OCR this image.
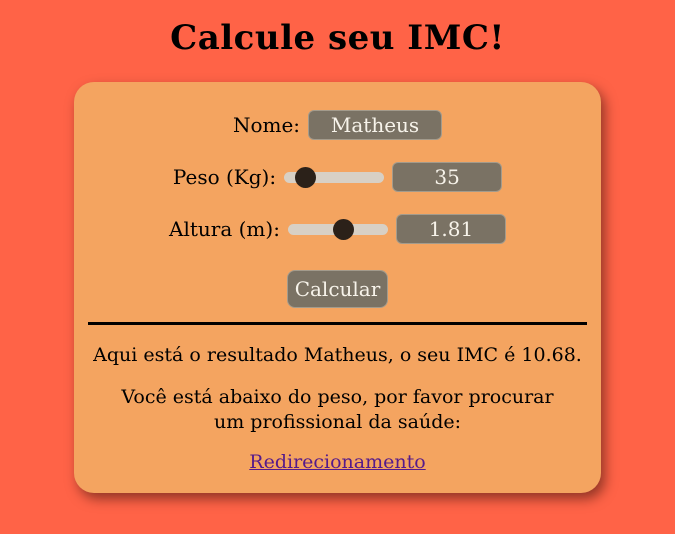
Calcule seu IMC!
Nome:
Matheus
Peso (Kg):
35
Altura (m):
1.81
Calcular

Aqui está o resultado Matheus, o seu IMC é 10.68.

Você está abaixo do peso, por favor procurar um profissional da saúde:

Redirecionamento
